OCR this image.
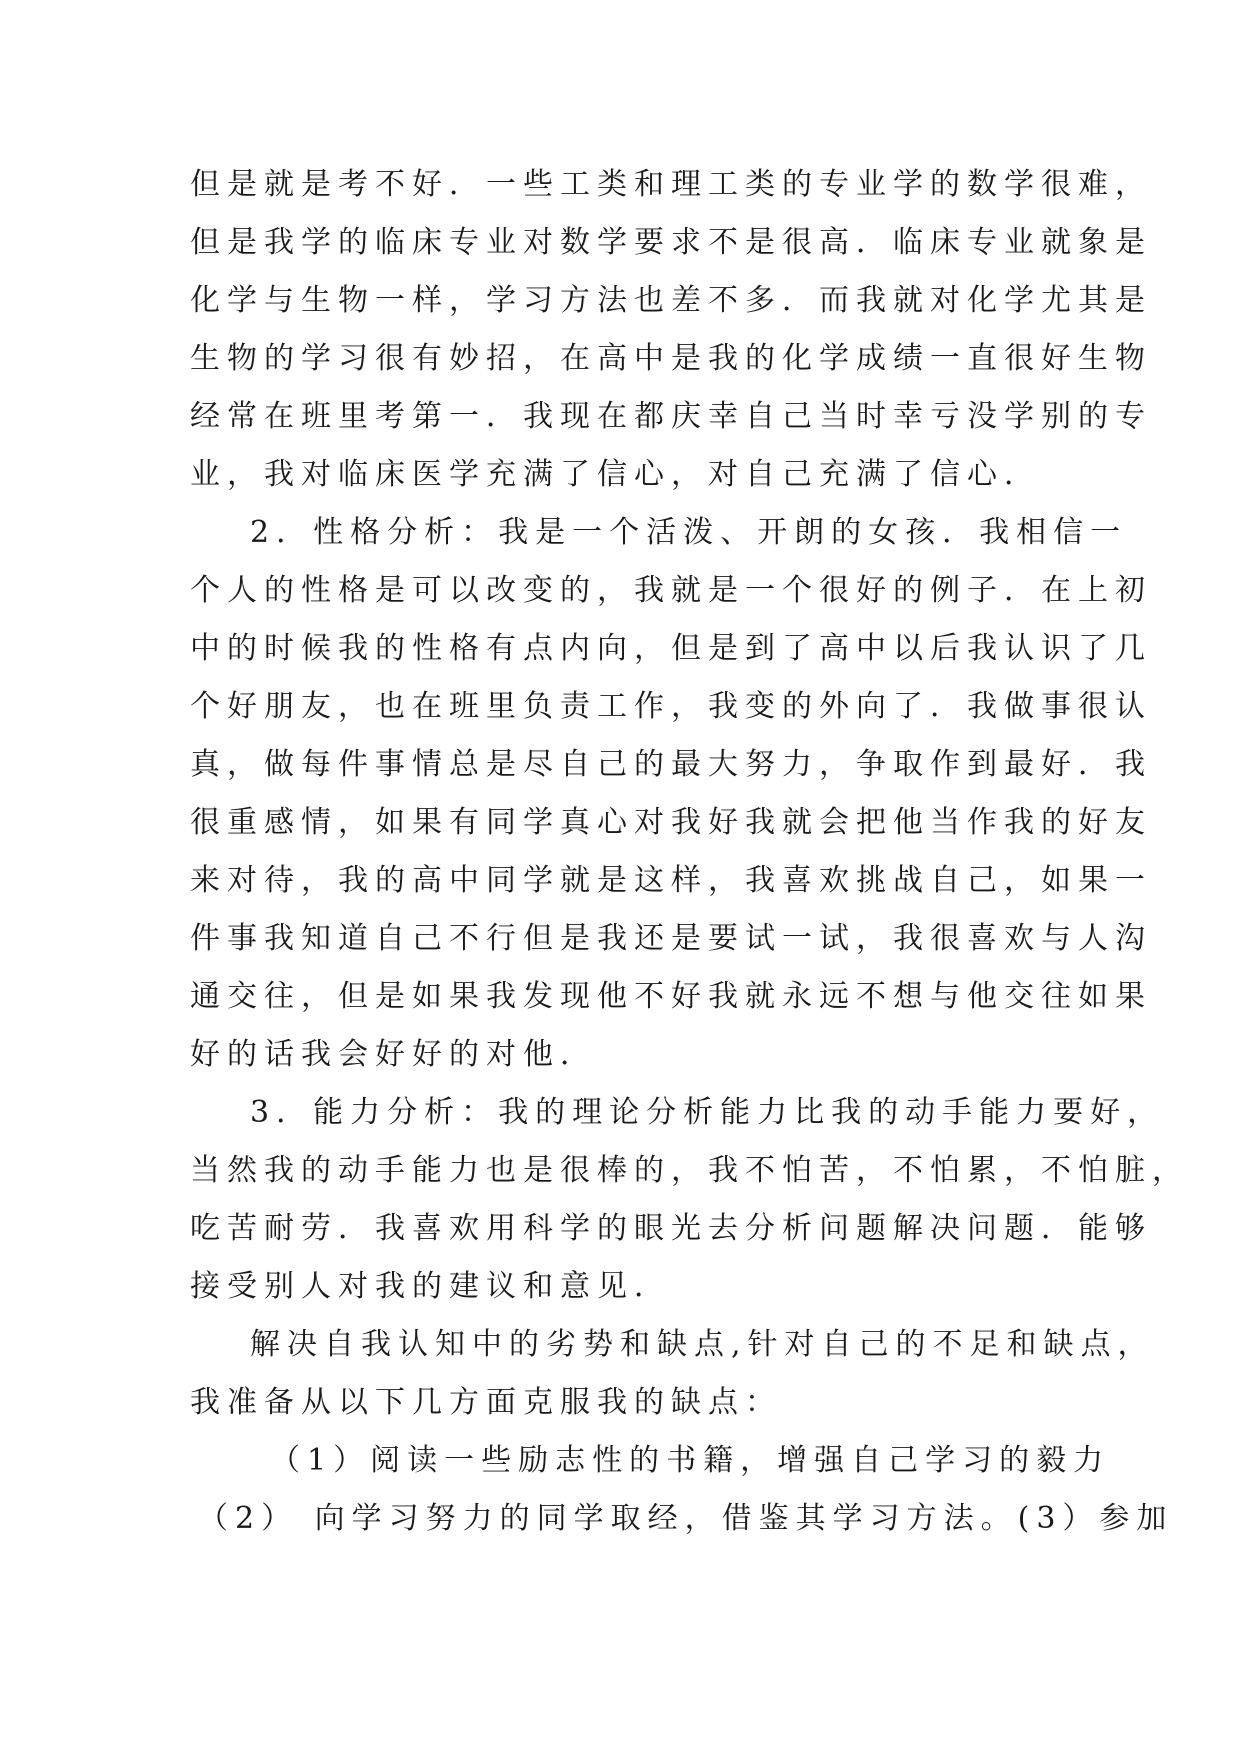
但是就是考不好．一些工类和理工类的专业学的数学很难，
但是我学的临床专业对数学要求不是很高．临床专业就象是
化学与生物一样，学习方法也差不多．而我就对化学尤其是
生物的学习很有妙招，在高中是我的化学成绩一直很好生物
经常在班里考第一．我现在都庆幸自己当时幸亏没学别的专
业，我对临床医学充满了信心，对自己充满了信心．
2．性格分析：我是一个活泼、开朗的女孩．我相信一
个人的性格是可以改变的，我就是一个很好的例子．在上初
中的时候我的性格有点内向，但是到了高中以后我认识了几
个好朋友，也在班里负责工作，我变的外向了．我做事很认
真，做每件事情总是尽自己的最大努力，争取作到最好．我
很重感情，如果有同学真心对我好我就会把他当作我的好友
来对待，我的高中同学就是这样，我喜欢挑战自己，如果一
件事我知道自己不行但是我还是要试一试，我很喜欢与人沟
通交往，但是如果我发现他不好我就永远不想与他交往如果
好的话我会好好的对他．
3．能力分析：我的理论分析能力比我的动手能力要好，
当然我的动手能力也是很棒的，我不怕苦，不怕累，不怕脏，
吃苦耐劳．我喜欢用科学的眼光去分析问题解决问题．能够
接受别人对我的建议和意见．
解决自我认知中的劣势和缺点,针对自己的不足和缺点，
我准备从以下几方面克服我的缺点：
（1）阅读一些励志性的书籍，增强自己学习的毅力
（2） 向学习努力的同学取经，借鉴其学习方法。(3）参加
